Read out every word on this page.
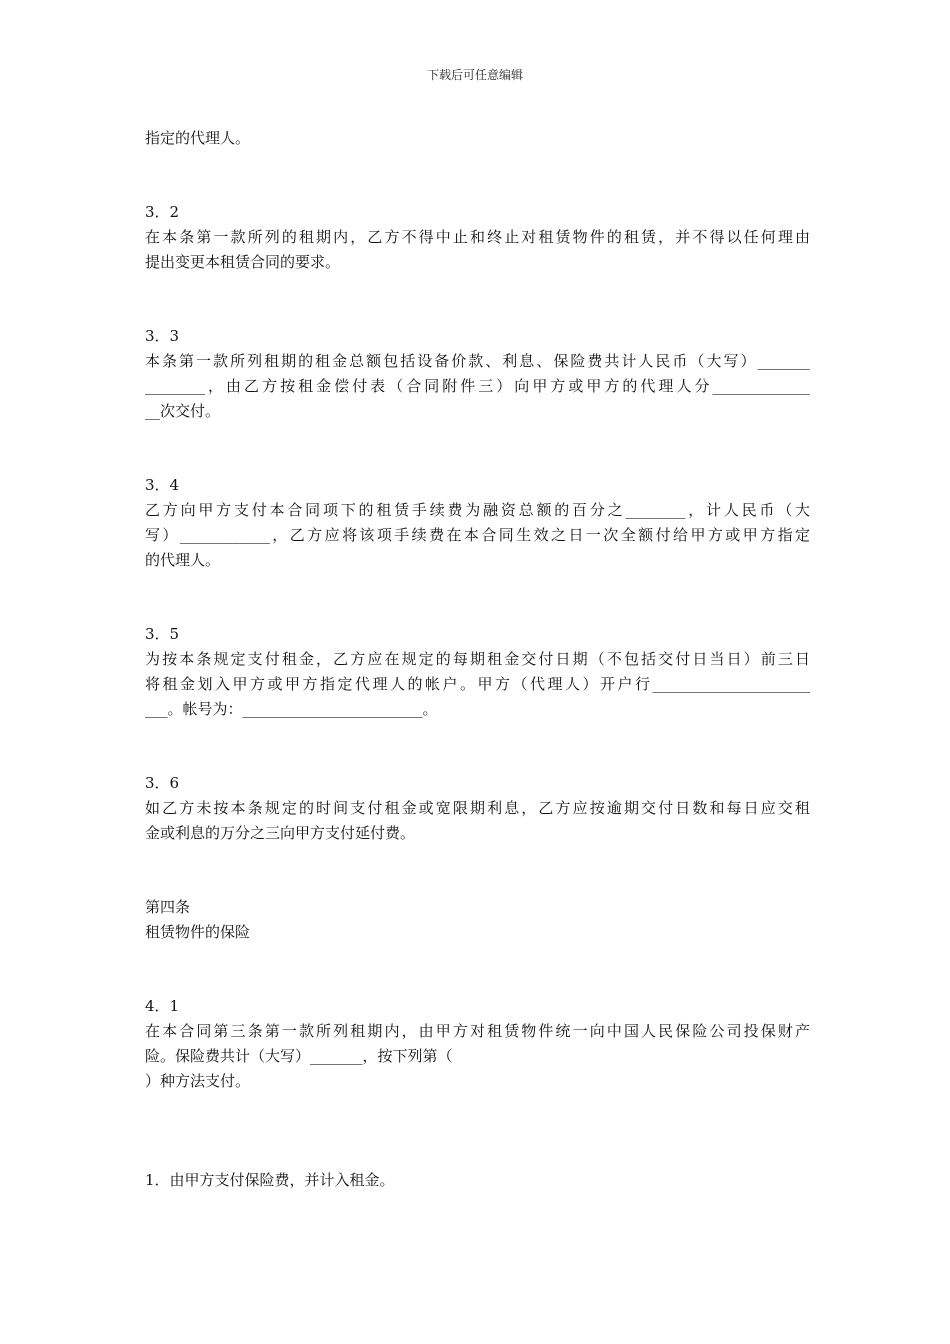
下载后可任意编辑
指定的代理人。
3．2
在本条第一款所列的租期内，乙方不得中止和终止对租赁物件的租赁，并不得以任何理由
提出变更本租赁合同的要求。
3．3
本条第一款所列租期的租金总额包括设备价款、利息、保险费共计人民币（大写）_______
________，由乙方按租金偿付表（合同附件三）向甲方或甲方的代理人分_____________
__次交付。
3．4
乙方向甲方支付本合同项下的租赁手续费为融资总额的百分之________，计人民币（大
写）____________，乙方应将该项手续费在本合同生效之日一次全额付给甲方或甲方指定
的代理人。
3．5
为按本条规定支付租金，乙方应在规定的每期租金交付日期（不包括交付日当日）前三日
将租金划入甲方或甲方指定代理人的帐户。甲方（代理人）开户行_____________________
___。帐号为：________________________。
3．6
如乙方未按本条规定的时间支付租金或宽限期利息，乙方应按逾期交付日数和每日应交租
金或利息的万分之三向甲方支付延付费。
第四条
租赁物件的保险
4．1
在本合同第三条第一款所列租期内，由甲方对租赁物件统一向中国人民保险公司投保财产
险。保险费共计（大写）_______，按下列第（
）种方法支付。
1．由甲方支付保险费，并计入租金。
